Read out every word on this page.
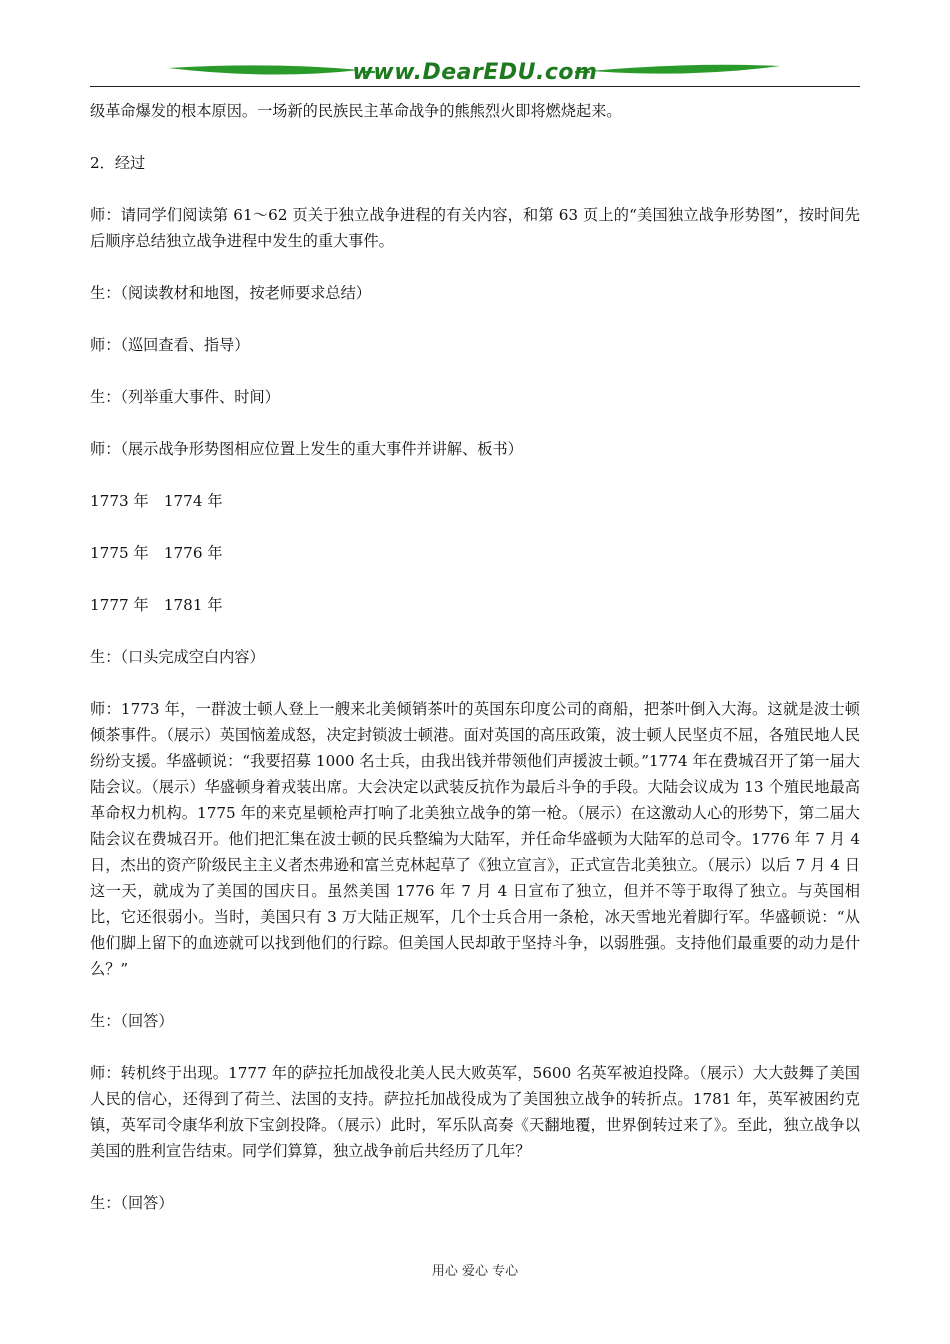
www.DearEDU.com

级革命爆发的根本原因。一场新的民族民主革命战争的熊熊烈火即将燃烧起来。

2．经过

师：请同学们阅读第 61～62 页关于独立战争进程的有关内容，和第 63 页上的“美国独立战争形势图”，按时间先后顺序总结独立战争进程中发生的重大事件。

生：（阅读教材和地图，按老师要求总结）

师：（巡回查看、指导）

生：（列举重大事件、时间）

师：（展示战争形势图相应位置上发生的重大事件并讲解、板书）

1773 年　1774 年

1775 年　1776 年

1777 年　1781 年

生：（口头完成空白内容）

师：1773 年，一群波士顿人登上一艘来北美倾销茶叶的英国东印度公司的商船，把茶叶倒入大海。这就是波士顿倾茶事件。（展示）英国恼羞成怒，决定封锁波士顿港。面对英国的高压政策，波士顿人民坚贞不屈，各殖民地人民纷纷支援。华盛顿说：“我要招募 1000 名士兵，由我出钱并带领他们声援波士顿。”1774 年在费城召开了第一届大陆会议。（展示）华盛顿身着戎装出席。大会决定以武装反抗作为最后斗争的手段。大陆会议成为 13 个殖民地最高革命权力机构。1775 年的来克星顿枪声打响了北美独立战争的第一枪。（展示）在这激动人心的形势下，第二届大陆会议在费城召开。他们把汇集在波士顿的民兵整编为大陆军，并任命华盛顿为大陆军的总司令。1776 年 7 月 4 日，杰出的资产阶级民主主义者杰弗逊和富兰克林起草了《独立宣言》，正式宣告北美独立。（展示）以后 7 月 4 日这一天，就成为了美国的国庆日。虽然美国 1776 年 7 月 4 日宣布了独立，但并不等于取得了独立。与英国相比，它还很弱小。当时，美国只有 3 万大陆正规军，几个士兵合用一条枪，冰天雪地光着脚行军。华盛顿说：“从他们脚上留下的血迹就可以找到他们的行踪。但美国人民却敢于坚持斗争，以弱胜强。支持他们最重要的动力是什么？”

生：（回答）

师：转机终于出现。1777 年的萨拉托加战役北美人民大败英军，5600 名英军被迫投降。（展示）大大鼓舞了美国人民的信心，还得到了荷兰、法国的支持。萨拉托加战役成为了美国独立战争的转折点。1781 年，英军被困约克镇，英军司令康华利放下宝剑投降。（展示）此时，军乐队高奏《天翻地覆，世界倒转过来了》。至此，独立战争以美国的胜利宣告结束。同学们算算，独立战争前后共经历了几年？

生：（回答）

用心 爱心 专心
